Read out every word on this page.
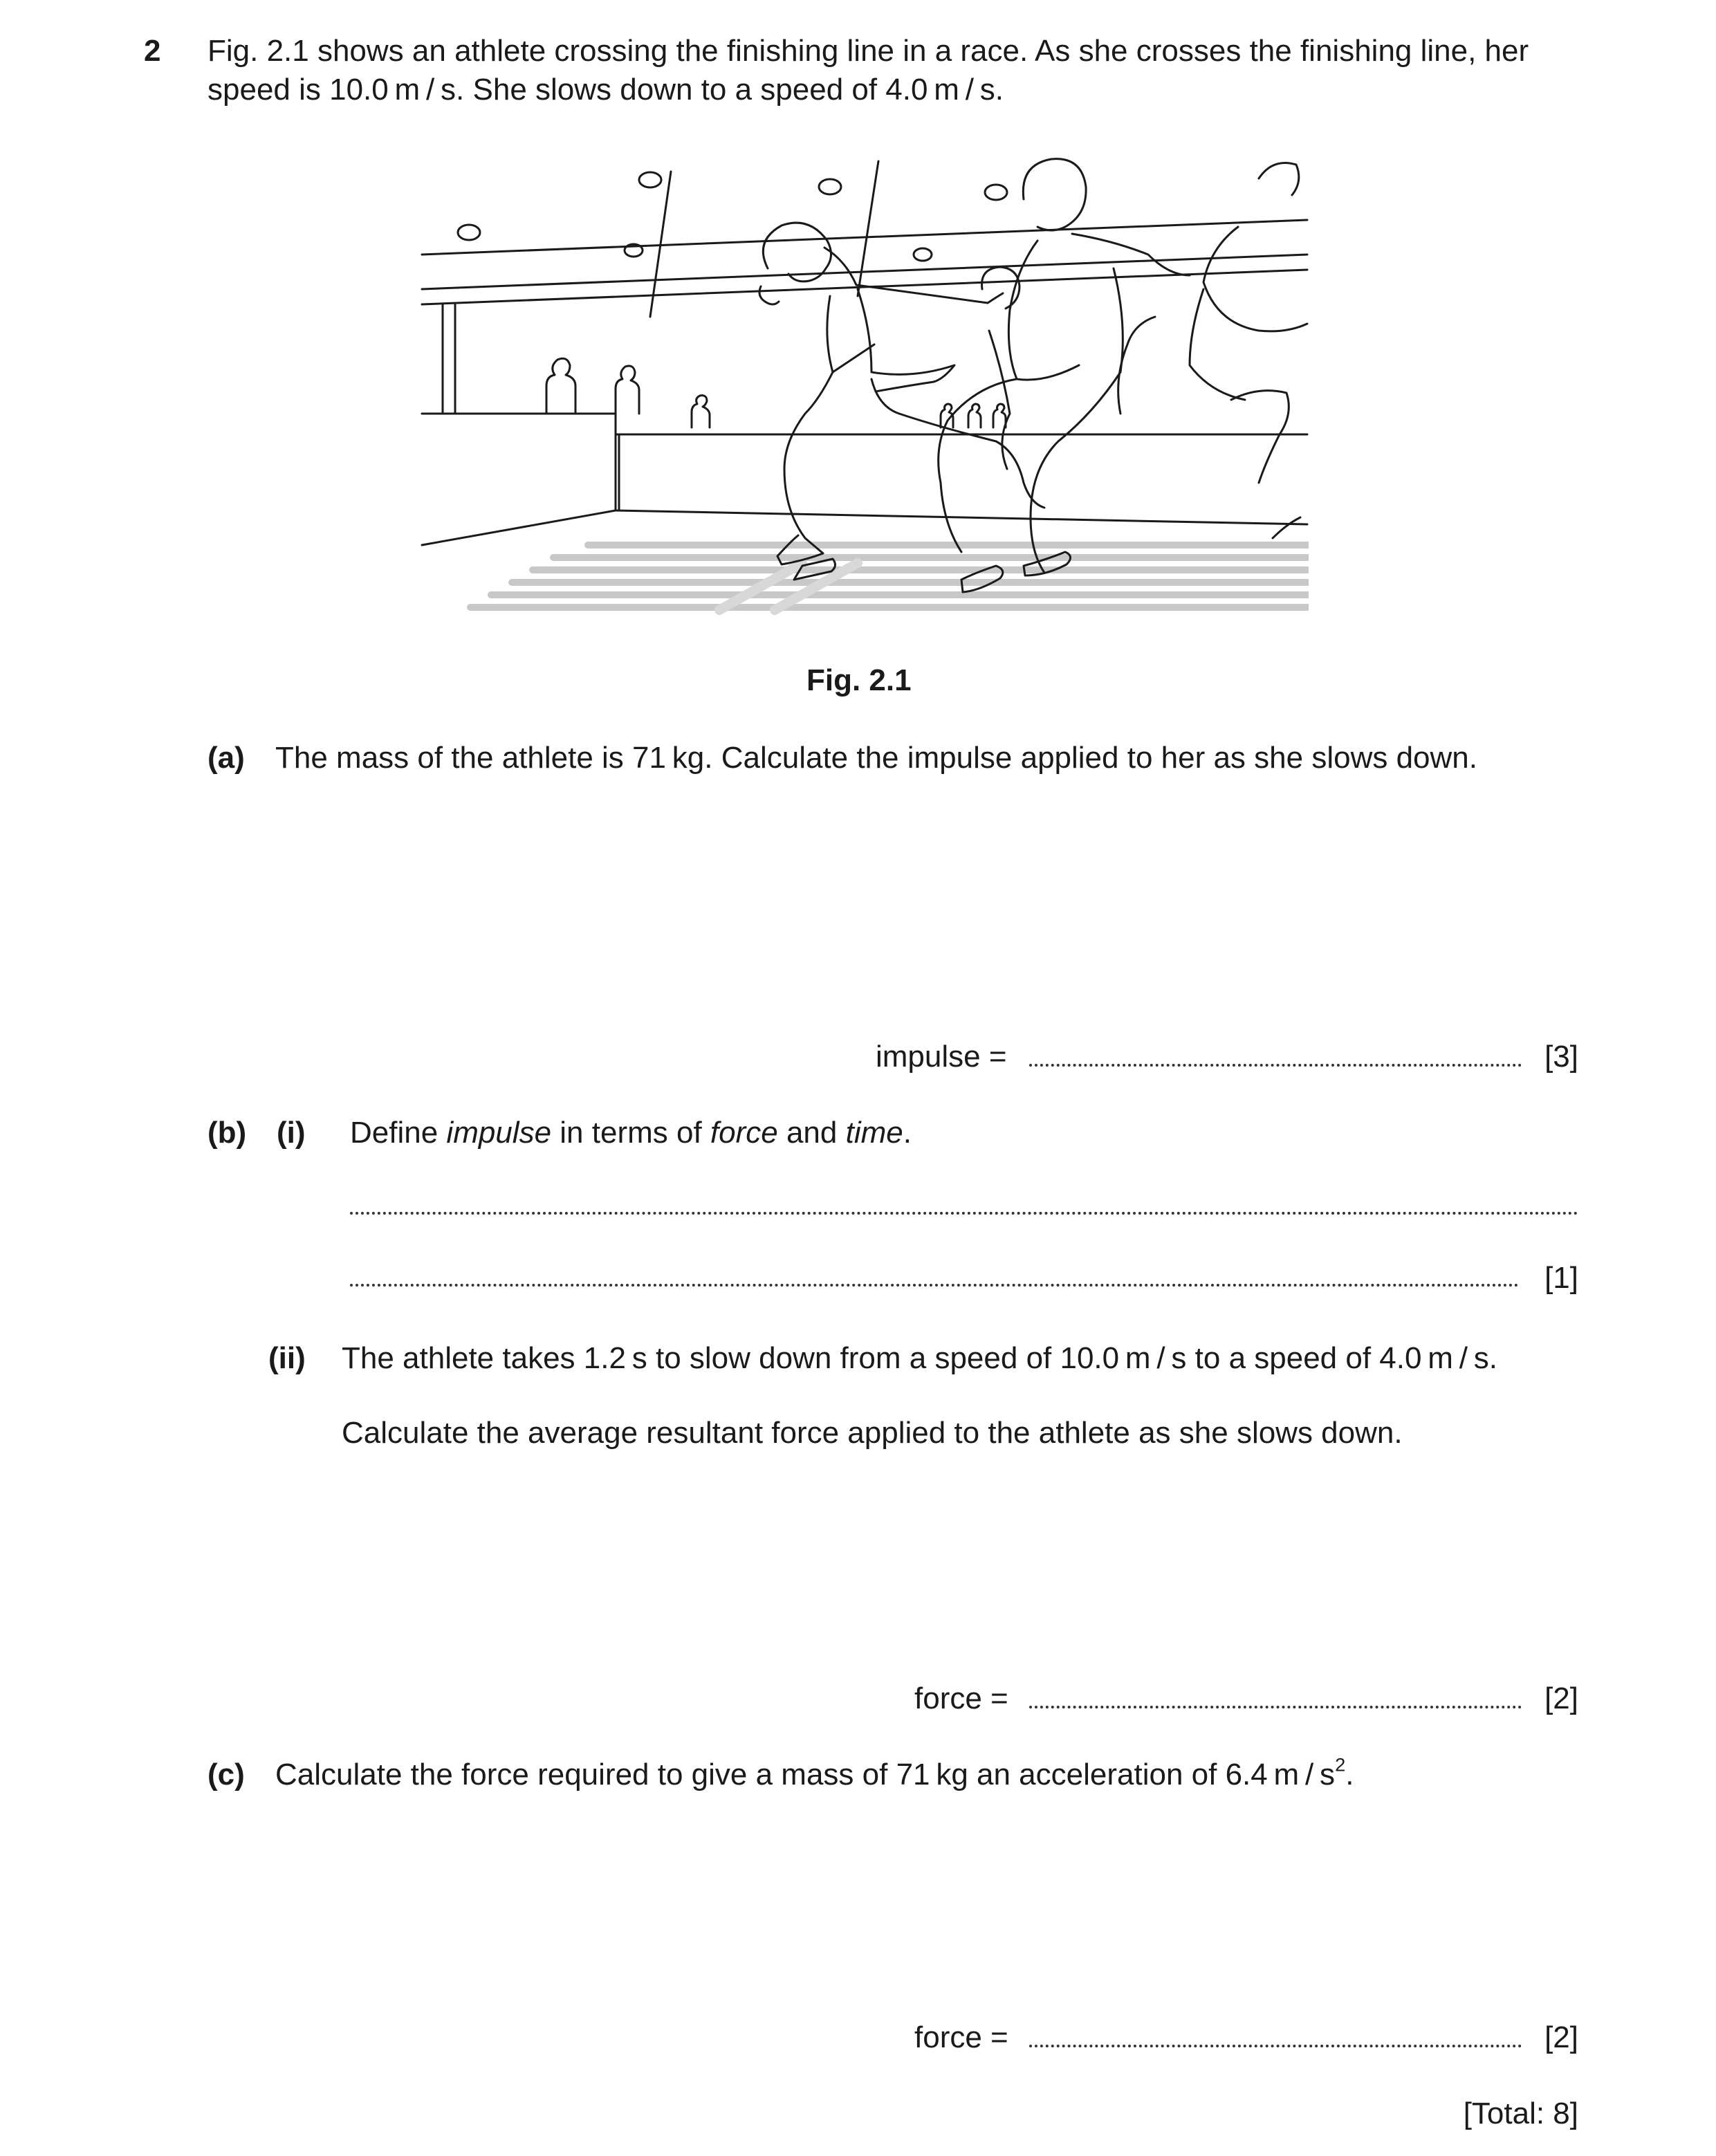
2 Fig. 2.1 shows an athlete crossing the finishing line in a race. As she crosses the finishing line, her
speed is 10.0 m / s. She slows down to a speed of 4.0 m / s.
Fig. 2.1
(a) The mass of the athlete is 71 kg. Calculate the impulse applied to her as she slows down.
impulse =	[3]
(b) (i) Define impulse in terms of force and time.
[1]
(ii) The athlete takes 1.2 s to slow down from a speed of 10.0 m / s to a speed of 4.0 m / s.
Calculate the average resultant force applied to the athlete as she slows down.
force =	[2]
(c) Calculate the force required to give a mass of 71 kg an acceleration of 6.4 m / $s^2$.
force =	[2]
[Total: 8]
